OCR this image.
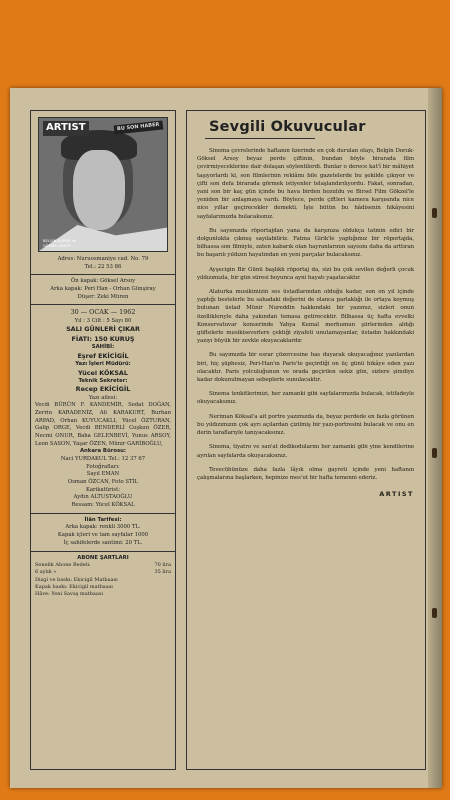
ARTIST	BU SON HABER
BELGİN DORUK ve
GÖKSEL ARSOY

Adres: Nuruosmaniye cad. No. 79

Tel.: 22 53 86

Ön kapak: Göksel Arsoy

Arka kapak: Peri Han - Orhan Günşiray

Düşer: Zeki Müren

30 — OCAK — 1962

Yıl : 3 Cilt : 5 Sayı 80

SALI GÜNLERİ ÇIKAR

FİATI: 150 KURUŞ

SAHİBİ:

Eşref EKİCİGİL

Yazı İşleri Müdürü:

Yücel KÖKSAL

Teknik Sekreter:

Recep EKİCİGİL

Yazı ailesi:

Vecdi BÜRÜN F. KANDEMİR, Sedat DOĞAN, Zerrin KARADENİZ, Ali KARAKURT, Burhan ARPAD, Orhan KUYUCAKLI, Yücel ÖZTURAN, Galip ORGE, Vecdi BENDERLİ Coşkun ÖZER, Necmi ONUR, Baha GELENBEVİ, Yunus ARSOY, Leon SASON, Yaşar ÖZEN, Münir GARİBOĞLU,

Ankara Bürosu:

Naci YURDAKUL Tel.: 12 37 67

Fotoğrafları:

Sayıl EMAN

Osman ÖZCAN, Foto STİL

Karikatürist:

Aydın ALTUSTAOĞLU

Ressam: Yücel KÖKSAL

İlân Tarifesi:

Arka kapak: renkli 3000 TL.

Kapak içleri ve tam sayfalar 1000

İç sahifelerde santimi: 20 TL.

ABONE ŞARTLARI

Senelik Abone Bedeli:	70 lira
6 aylık »	35 lira
Dizgi ve baskı: Ekicigil Matbaası
Kapak baskı: Ekicigil matbaası
Hâve: Yeni Savaş matbaası
Sevgili Okuvucular

Sinema çevrelerinde haftanın üzerinde en çok durulan olayı, Belgin Doruk-Göksel Arsoy beyaz perde çiftinin, bundan böyle birarada film çevirmiyeceklerine dair dolaşan söylentilerdi. Bunlar o derece kat'î bir mâhiyet taşıyorlardı ki, son filmlerinin reklâmı bile gazetelerde bu şekilde çıkıyor ve çifti son defa birarada görmek istiyenler telaşlandırılıyordu. Fakat, sonradan, yani son bir kaç gün içinde bu hava birden bozuldu ve Birsel Film Gökzel'le yeniden bir anlaşmaya vardı. Böylece, perde çiftleri kamera karşısında nice nice yıllar geçirecekler demekti. İşte bütün bu hâdisenin hikâyesini sayfalarımızda bulacaksınız.

Bu sayımızda röportajdan yana da karşınıza oldukça tatmin edici bir dolgunlukta çıkmış sayılabiliriz. Fatma Girik'le yaptığımız bir röportajda, bilhassa son filmiyle, zaten kabarık olan hayranlarının sayısını daha da arttıran bu başarılı yıldızın hayatından en yeni parçalar bulacaksınız.

Ayşecigin Bir Günü başlıklı röportaj da, sizi bu çok sevilen değerli çocuk yıldızımızla, bir gün süresi boyunca ayni hayatı yaşatacaktır.

Alaturka musikimizin ses üstadlarından olduğu kadar, son on yıl içinde yaptığı bestelerle bu sahadaki değerini de olanca parlaklığı ile ortaya koymuş bulunan üstad Münir Nureddin hakkındaki bir yazımız, sizleri onun özelliklerıyle daha yakından temasa getirecektir. Bilhassa üç hafta evvelki Konservatuvar konserinde Yahya Kemal merhumun şiirlerinden aldığı güftelerle musikiseverlere çektiği ziyafeti unutamayanlar, üstadın hakkındaki yazıyı büyük bir zevkle okuyacaklardır.

Bu sayımızda bir esrar çözercesine has duyarak okuyacağınız yazılardan biri, hiç şüphesiz, Peri-Han'ın Paris'te geçirdiği on üç günü hikâye eden yazı olacaktır. Paris yolculuğunun ve orada geçirilen sekiz gün, sizlere şimdiye kadar dokunulmayan sebeplerle sunulacaktır.

Sinema tenkitlerimizi, her zamanki gibi sayfalarımızda bulacak, istifadeyle okuyacaksınız.

Neriman Köksal'a ait portre yazımızda da, beyaz perdede en fazla görünen bu yıldızımızın çok ayrı açılardan çizilmiş bir yazı-portresini bulacak ve onu en derin taraflarıyle tanıyacaksınız.

Sinema, tiyatro ve san'at dedikodularını her zamanki gibi yine kendilerine ayrılan sayfalarda okuyacaksınız.

Tevecühünüze daha fazla lâyık olma gayreti içinde yeni haftanın çalışmalarına başlarken, hepinize mes'ut bir hafta temenni ederiz.

ARTIST
